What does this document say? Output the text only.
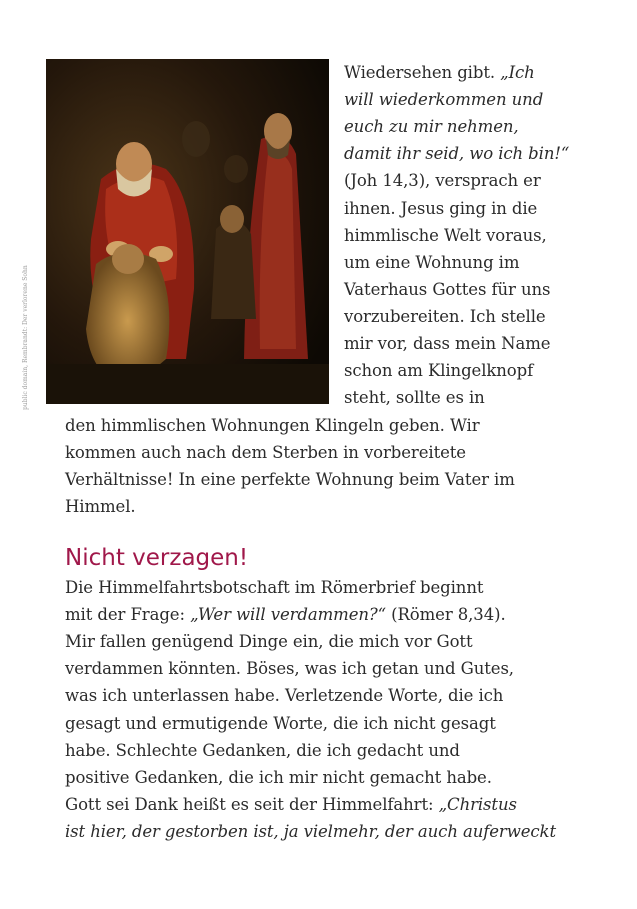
public domain, Rembrandt: Der verlorene Sohn
Wiedersehen gibt. „Ich
will wiederkommen und
euch zu mir nehmen,
damit ihr seid, wo ich bin!“
(Joh 14,3), versprach er
ihnen. Jesus ging in die
himmlische Welt voraus,
um eine Wohnung im
Vaterhaus Gottes für uns
vorzubereiten. Ich stelle
mir vor, dass mein Name
schon am Klingelknopf
steht, sollte es in
den himmlischen Wohnungen Klingeln geben. Wir
kommen auch nach dem Sterben in vorbereitete
Verhältnisse! In eine perfekte Wohnung beim Vater im
Himmel.
Die Himmelfahrtsbotschaft im Römerbrief beginnt
mit der Frage: „Wer will verdammen?“ (Römer 8,34).
Mir fallen genügend Dinge ein, die mich vor Gott
verdammen könnten. Böses, was ich getan und Gutes,
was ich unterlassen habe. Verletzende Worte, die ich
gesagt und ermutigende Worte, die ich nicht gesagt
habe. Schlechte Gedanken, die ich gedacht und
positive Gedanken, die ich mir nicht gemacht habe.
Gott sei Dank heißt es seit der Himmelfahrt: „Christus
ist hier, der gestorben ist, ja vielmehr, der auch auferweckt
Nicht verzagen!
